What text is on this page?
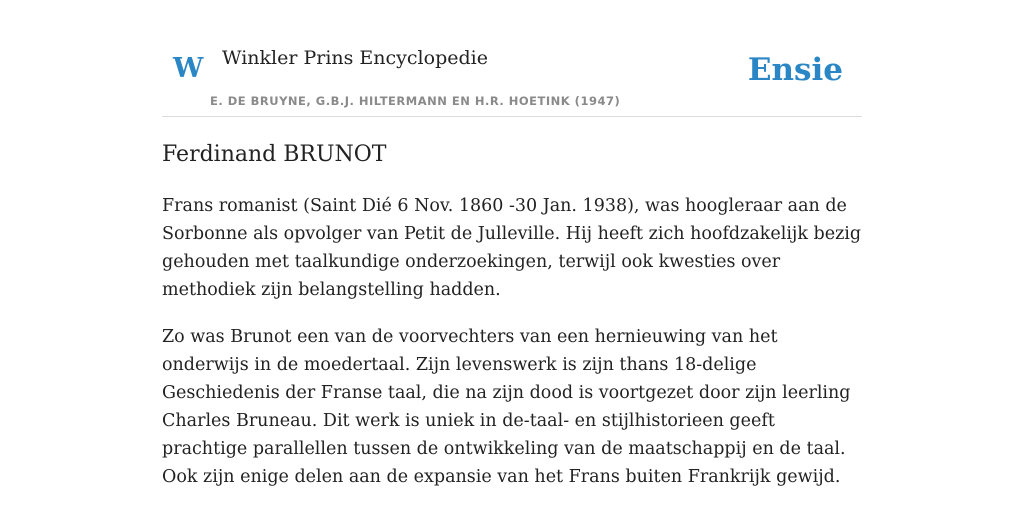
W Winkler Prins Encyclopedie
E. DE BRUYNE, G.B.J. HILTERMANN EN H.R. HOETINK (1947)
Ensie
Ferdinand BRUNOT

Frans romanist (Saint Dié 6 Nov. 1860 -30 Jan. 1938), was hoogleraar aan de Sorbonne als opvolger van Petit de Julleville. Hij heeft zich hoofdzakelijk bezig gehouden met taalkundige onderzoekingen, terwijl ook kwesties over methodiek zijn belangstelling hadden.

Zo was Brunot een van de voorvechters van een hernieuwing van het onderwijs in de moedertaal. Zijn levenswerk is zijn thans 18-delige Geschiedenis der Franse taal, die na zijn dood is voortgezet door zijn leerling Charles Bruneau. Dit werk is uniek in de-taal- en stijlhistorieen geeft prachtige parallellen tussen de ontwikkeling van de maatschappij en de taal. Ook zijn enige delen aan de expansie van het Frans buiten Frankrijk gewijd.
